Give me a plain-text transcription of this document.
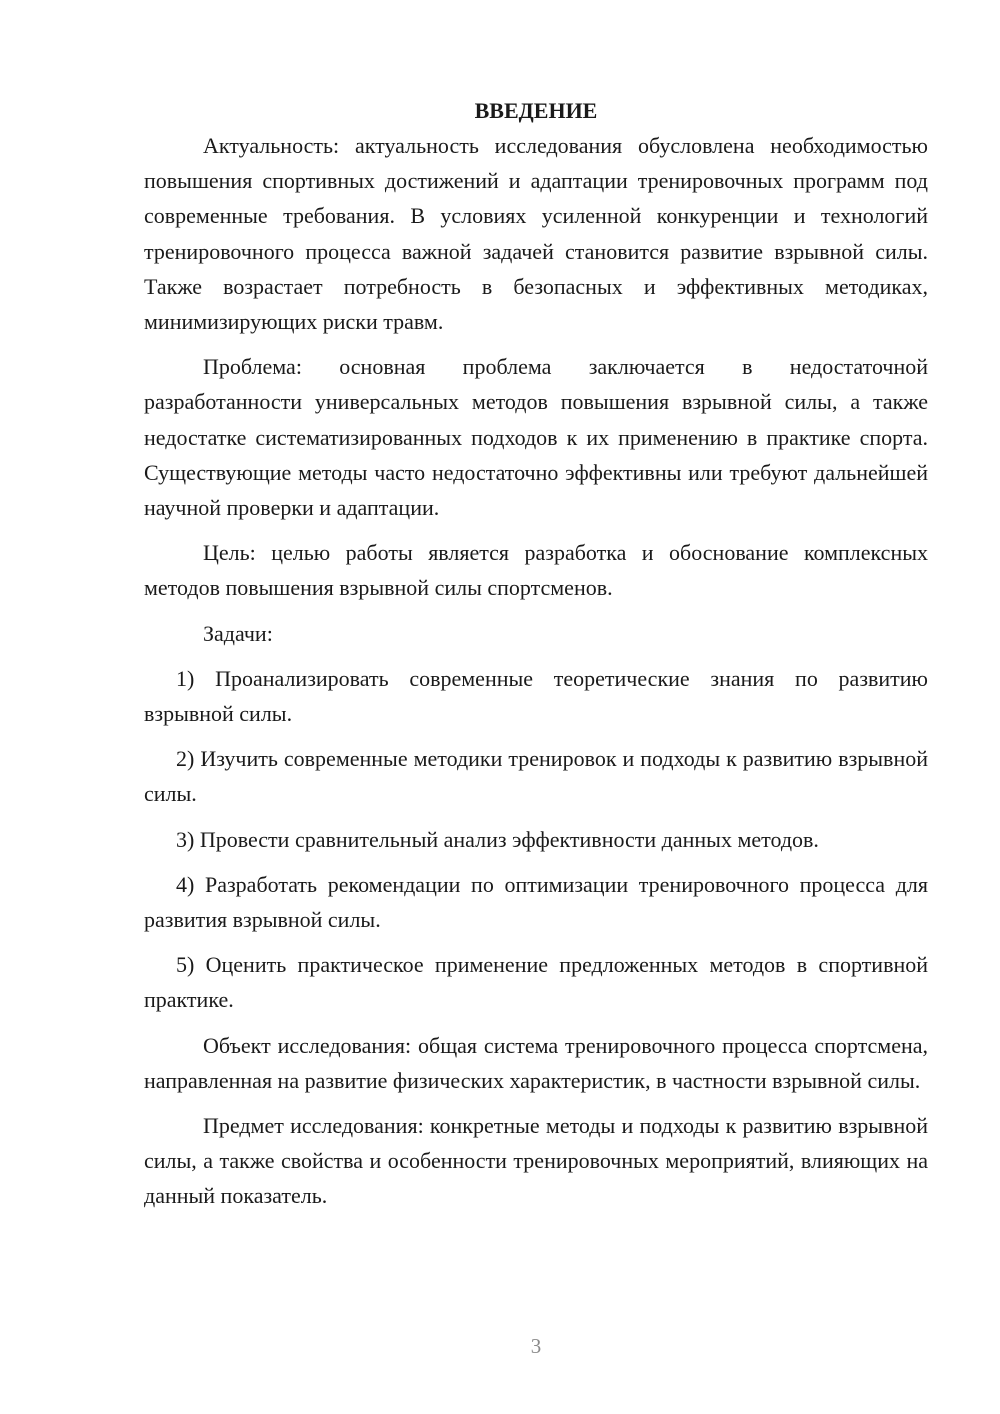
ВВЕДЕНИЕ

Актуальность: актуальность исследования обусловлена необходимостью повышения спортивных достижений и адаптации тренировочных программ под современные требования. В условиях усиленной конкуренции и технологий тренировочного процесса важной задачей становится развитие взрывной силы. Также возрастает потребность в безопасных и эффективных методиках, минимизирующих риски травм.

Проблема: основная проблема заключается в недостаточной разработанности универсальных методов повышения взрывной силы, а также недостатке систематизированных подходов к их применению в практике спорта. Существующие методы часто недостаточно эффективны или требуют дальнейшей научной проверки и адаптации.

Цель: целью работы является разработка и обоснование комплексных методов повышения взрывной силы спортсменов.

Задачи:

1) Проанализировать современные теоретические знания по развитию взрывной силы.

2) Изучить современные методики тренировок и подходы к развитию взрывной силы.

3) Провести сравнительный анализ эффективности данных методов.

4) Разработать рекомендации по оптимизации тренировочного процесса для развития взрывной силы.

5) Оценить практическое применение предложенных методов в спортивной практике.

Объект исследования: общая система тренировочного процесса спортсмена, направленная на развитие физических характеристик, в частности взрывной силы.

Предмет исследования: конкретные методы и подходы к развитию взрывной силы, а также свойства и особенности тренировочных мероприятий, влияющих на данный показатель.

3
